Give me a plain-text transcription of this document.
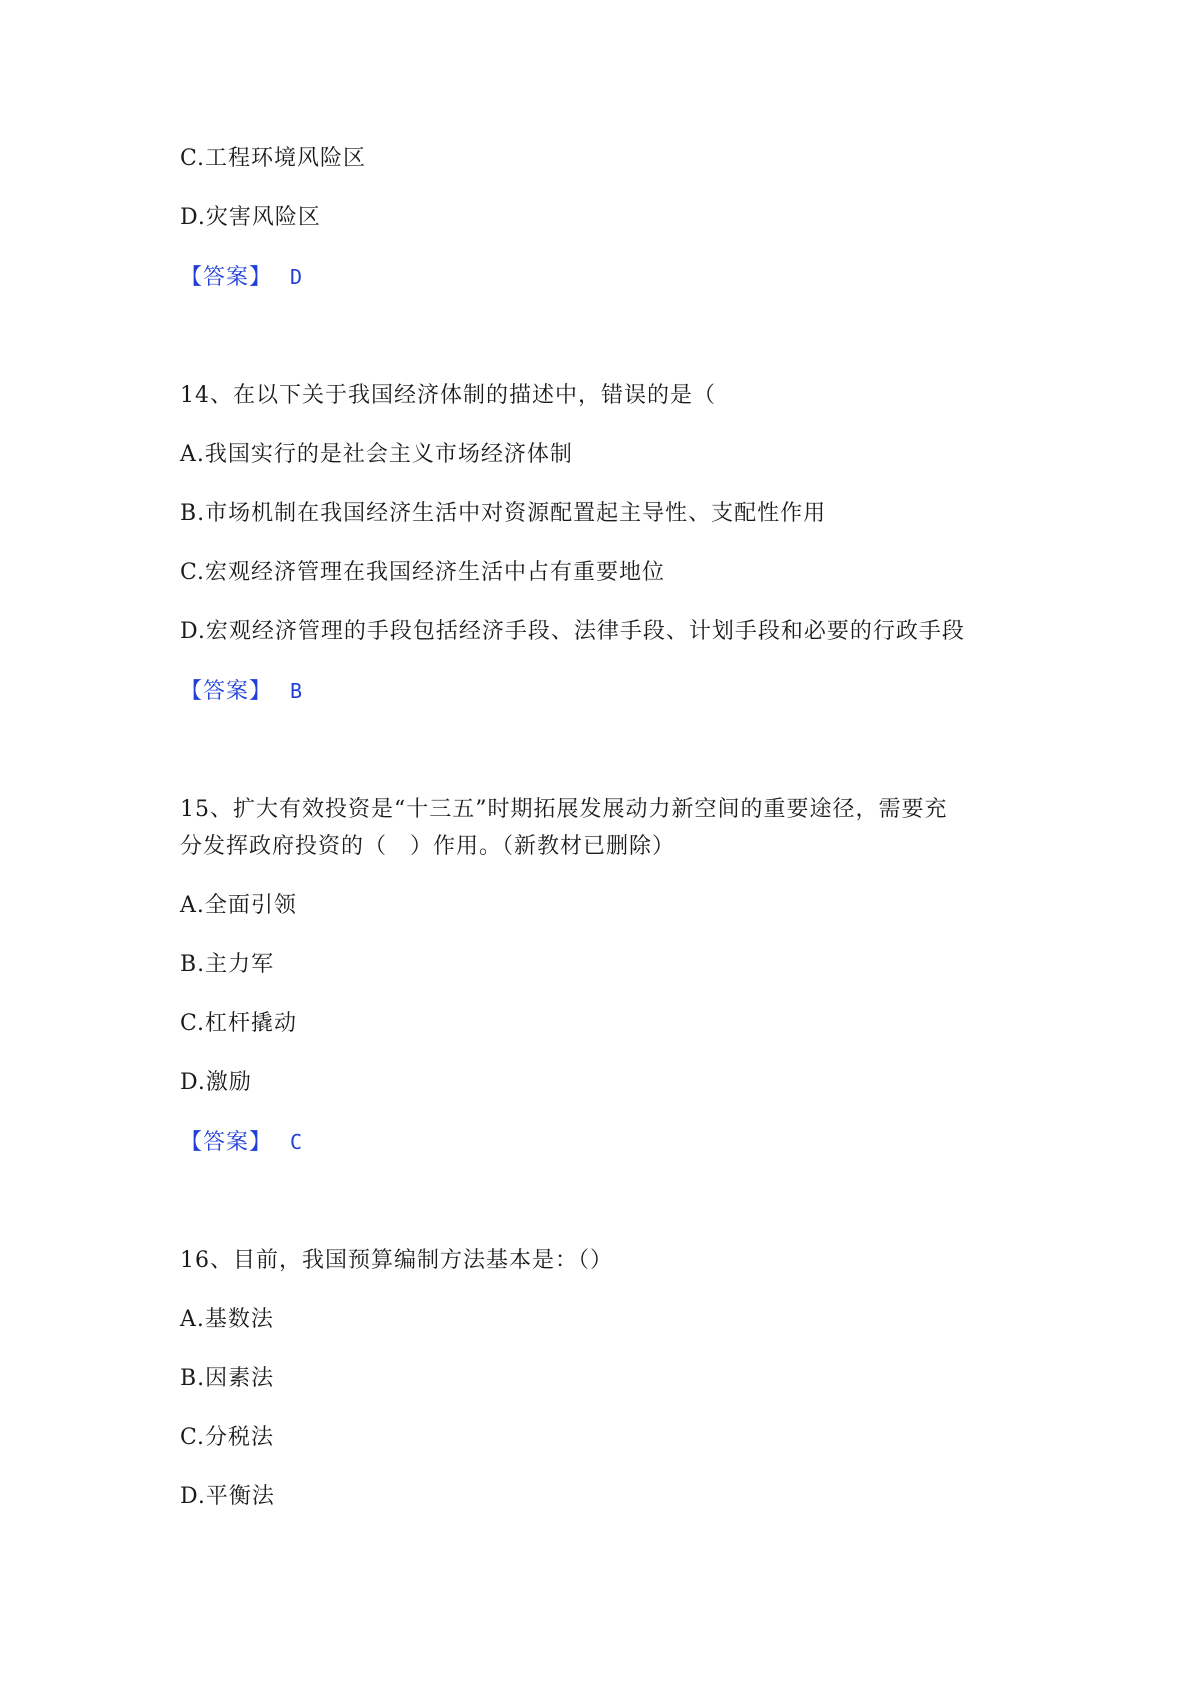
C.工程环境风险区
D.灾害风险区
【答案】 D
14、在以下关于我国经济体制的描述中，错误的是（
A.我国实行的是社会主义市场经济体制
B.市场机制在我国经济生活中对资源配置起主导性、支配性作用
C.宏观经济管理在我国经济生活中占有重要地位
D.宏观经济管理的手段包括经济手段、法律手段、计划手段和必要的行政手段
【答案】 B
15、扩大有效投资是“十三五”时期拓展发展动力新空间的重要途径，需要充
分发挥政府投资的（　）作用。（新教材已删除）
A.全面引领
B.主力军
C.杠杆撬动
D.激励
【答案】 C
16、目前，我国预算编制方法基本是：（）
A.基数法
B.因素法
C.分税法
D.平衡法
